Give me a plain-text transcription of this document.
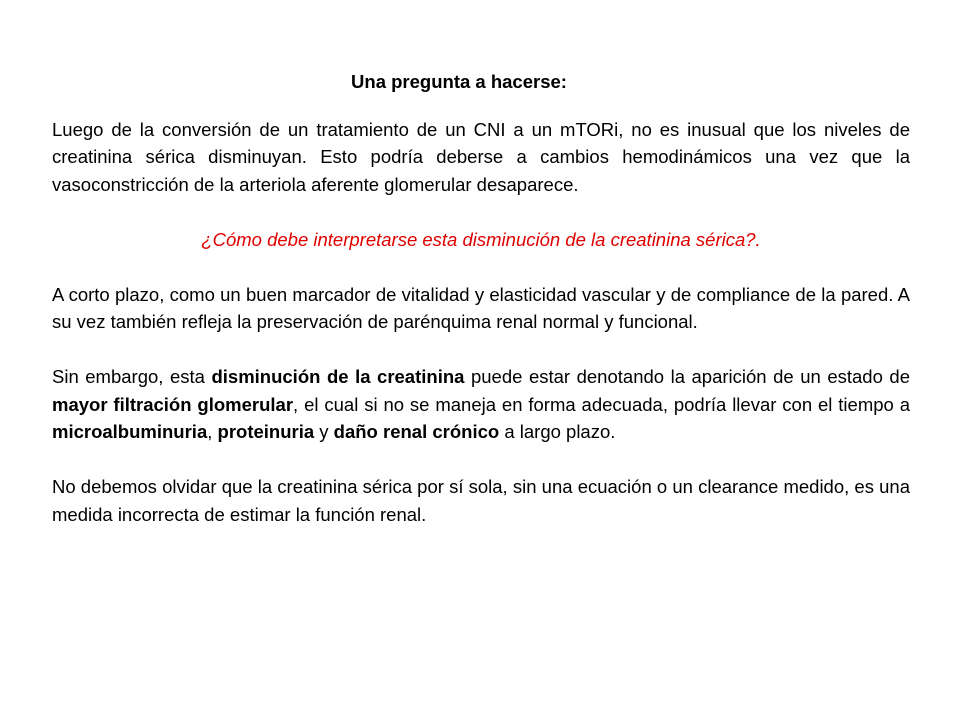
Una pregunta a hacerse:

Luego de la conversión de un tratamiento de un CNI a un mTORi, no es inusual que los niveles de creatinina sérica disminuyan. Esto podría deberse a cambios hemodinámicos una vez que la vasoconstricción de la arteriola aferente glomerular desaparece.

¿Cómo debe interpretarse esta disminución de la creatinina sérica?.

A corto plazo, como un buen marcador de vitalidad y elasticidad vascular y de compliance de la pared. A su vez también refleja la preservación de parénquima renal normal y funcional.

Sin embargo, esta disminución de la creatinina puede estar denotando la aparición de un estado de mayor filtración glomerular, el cual si no se maneja en forma adecuada, podría llevar con el tiempo a microalbuminuria, proteinuria y daño renal crónico a largo plazo.

No debemos olvidar que la creatinina sérica por sí sola, sin una ecuación o un clearance medido, es una medida incorrecta de estimar la función renal.
